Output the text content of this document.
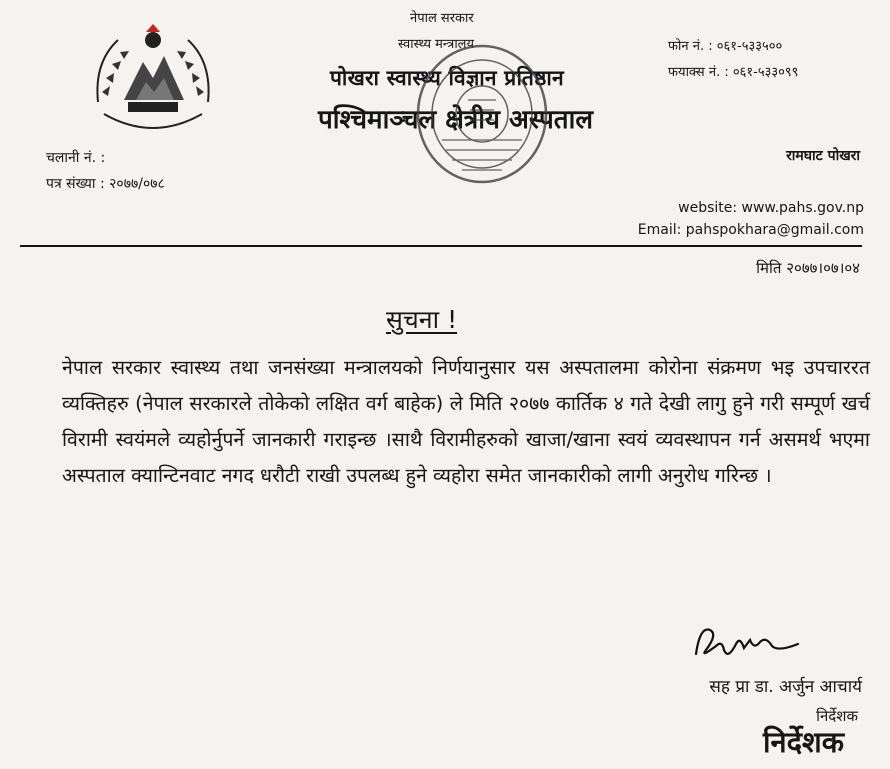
नेपाल सरकार
स्वास्थ्य मन्त्रालय
पोखरा स्वास्थ्य विज्ञान प्रतिष्ठान
पश्चिमाञ्चल क्षेत्रीय अस्पताल
फोन नं. : ०६१-५३३५००
फयाक्स नं. : ०६१-५३३०९९
रामघाट पोखरा
चलानी नं. :
पत्र संख्या : २०७७/०७८
website: www.pahs.gov.np
Email: pahspokhara@gmail.com
मिति २०७७।०७।०४
सुचना !
नेपाल सरकार स्वास्थ्य तथा जनसंख्या मन्त्रालयको निर्णयानुसार यस अस्पतालमा कोरोना संक्रमण भइ उपचाररत व्यक्तिहरु (नेपाल सरकारले तोकेको लक्षित वर्ग बाहेक) ले मिति २०७७ कार्तिक ४ गते देखी लागु हुने गरी सम्पूर्ण खर्च विरामी स्वयंमले व्यहोर्नुपर्ने जानकारी गराइन्छ ।साथै विरामीहरुको खाजा/खाना स्वयं व्यवस्थापन गर्न असमर्थ भएमा अस्पताल क्यान्टिनवाट नगद धरौटी राखी उपलब्ध हुने व्यहोरा समेत जानकारीको लागी अनुरोध गरिन्छ ।
सह प्रा डा. अर्जुन आचार्य
निर्देशक
निर्देशक
